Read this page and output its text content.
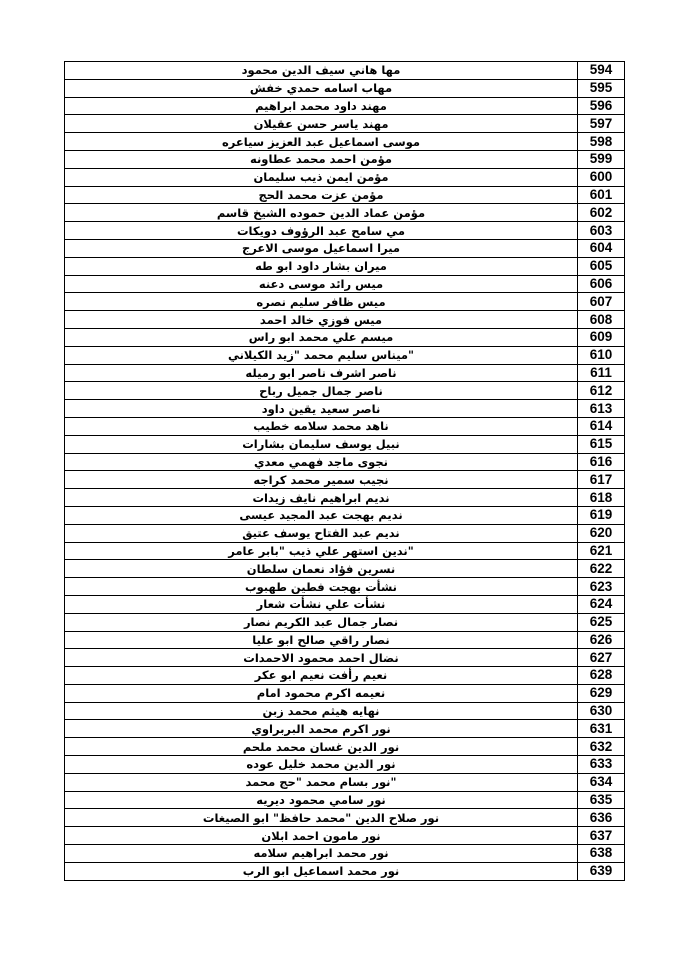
مها هاني سيف الدين محمود	594
مهاب اسامه حمدي خفش	595
مهند داود محمد ابراهيم	596
مهند ياسر حسن عقيلان	597
موسى اسماعيل عبد العزيز سياعره	598
مؤمن احمد محمد عطاونه	599
مؤمن ايمن ذيب سليمان	600
مؤمن عزت محمد الحج	601
مؤمن عماد الدين حموده الشيخ قاسم	602
مي سامح عبد الرؤوف دويكات	603
ميرا اسماعيل موسى الاعرج	604
ميران بشار داود ابو طه	605
ميس رائد موسى دعنه	606
ميس ظافر سليم نصره	607
ميس فوزي خالد احمد	608
ميسم علي محمد ابو راس	609
"ميناس سليم محمد "زيد الكيلاني	610
ناصر اشرف ناصر ابو رميله	611
ناصر جمال جميل رباح	612
ناصر سعيد يقين داود	613
ناهد محمد سلامه خطيب	614
نبيل يوسف سليمان بشارات	615
نجوى ماجد فهمي معدي	616
نجيب سمير محمد كراجه	617
نديم ابراهيم نايف زيدات	618
نديم بهجت عبد المجيد عيسى	619
نديم عبد الفتاح يوسف عتيق	620
"ندين استهر علي ذيب "بابر عامر	621
نسرين فؤاد نعمان سلطان	622
نشأت بهجت فطين طهبوب	623
نشأت علي نشأت شعار	624
نصار جمال عبد الكريم نصار	625
نصار راقي صالح ابو عليا	626
نضال احمد محمود الاحمدات	627
نعيم رأفت نعيم ابو عكر	628
نعيمه اكرم محمود امام	629
نهايه هيثم محمد زبن	630
نور اكرم محمد البربراوي	631
نور الدين غسان محمد ملحم	632
نور الدين محمد خليل عوده	633
"نور بسام محمد "حج محمد	634
نور سامي محمود ديريه	635
نور صلاح الدين "محمد حافظ" ابو الصيغات	636
نور مامون احمد ابلان	637
نور محمد ابراهيم سلامه	638
نور محمد اسماعيل ابو الرب	639
